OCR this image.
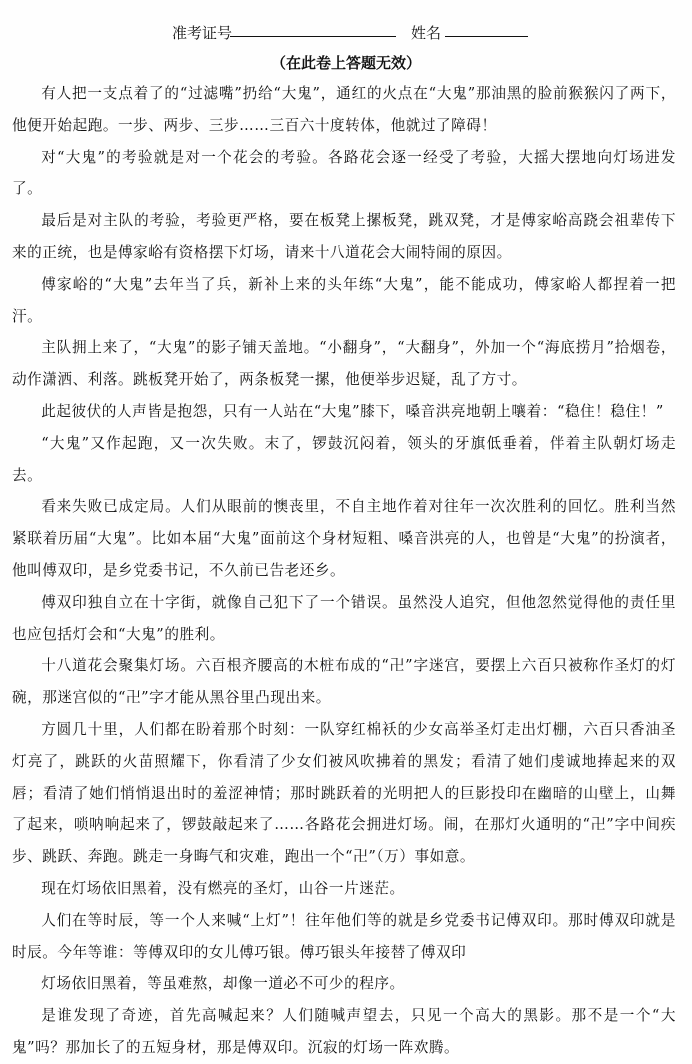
准考证号	姓名
（在此卷上答题无效）

有人把一支点着了的“过滤嘴”扔给“大鬼”，通红的火点在“大鬼”那油黑的脸前猴猴闪了两下，他便开始起跑。一步、两步、三步……三百六十度转体，他就过了障碍！

对“大鬼”的考验就是对一个花会的考验。各路花会逐一经受了考验，大摇大摆地向灯场进发了。

最后是对主队的考验，考验更严格，要在板凳上摞板凳，跳双凳，才是傅家峪高跷会祖辈传下来的正统，也是傅家峪有资格摆下灯场，请来十八道花会大闹特闹的原因。

傅家峪的“大鬼”去年当了兵，新补上来的头年练“大鬼”，能不能成功，傅家峪人都捏着一把汗。

主队拥上来了，“大鬼”的影子铺天盖地。“小翻身”，“大翻身”，外加一个“海底捞月”拾烟卷，动作潇洒、利落。跳板凳开始了，两条板凳一摞，他便举步迟疑，乱了方寸。

此起彼伏的人声皆是抱怨，只有一人站在“大鬼”膝下，嗓音洪亮地朝上嚷着：“稳住！稳住！”

“大鬼”又作起跑，又一次失败。末了，锣鼓沉闷着，领头的牙旗低垂着，伴着主队朝灯场走去。

看来失败已成定局。人们从眼前的懊丧里，不自主地作着对往年一次次胜利的回忆。胜利当然紧联着历届“大鬼”。比如本届“大鬼”面前这个身材短粗、嗓音洪亮的人，也曾是“大鬼”的扮演者，他叫傅双印，是乡党委书记，不久前已告老还乡。

傅双印独自立在十字街，就像自己犯下了一个错误。虽然没人追究，但他忽然觉得他的责任里也应包括灯会和“大鬼”的胜利。

十八道花会聚集灯场。六百根齐腰高的木桩布成的“卍”字迷宫，要摆上六百只被称作圣灯的灯碗，那迷宫似的“卍”字才能从黑谷里凸现出来。

方圆几十里，人们都在盼着那个时刻：一队穿红棉袄的少女高举圣灯走出灯棚，六百只香油圣灯亮了，跳跃的火苗照耀下，你看清了少女们被风吹拂着的黑发；看清了她们虔诚地捧起来的双唇；看清了她们悄悄退出时的羞涩神情；那时跳跃着的光明把人的巨影投印在幽暗的山壁上，山舞了起来，唢呐响起来了，锣鼓敲起来了……各路花会拥进灯场。闹，在那灯火通明的“卍”字中间疾步、跳跃、奔跑。跳走一身晦气和灾难，跑出一个“卍”（万）事如意。

现在灯场依旧黑着，没有燃亮的圣灯，山谷一片迷茫。

人们在等时辰，等一个人来喊“上灯”！往年他们等的就是乡党委书记傅双印。那时傅双印就是时辰。今年等谁：等傅双印的女儿傅巧银。傅巧银头年接替了傅双印

灯场依旧黑着，等虽难熬，却像一道必不可少的程序。

是谁发现了奇迹，首先高喊起来？人们随喊声望去，只见一个高大的黑影。那不是一个“大鬼”吗？那加长了的五短身材，那是傅双印。沉寂的灯场一阵欢腾。
